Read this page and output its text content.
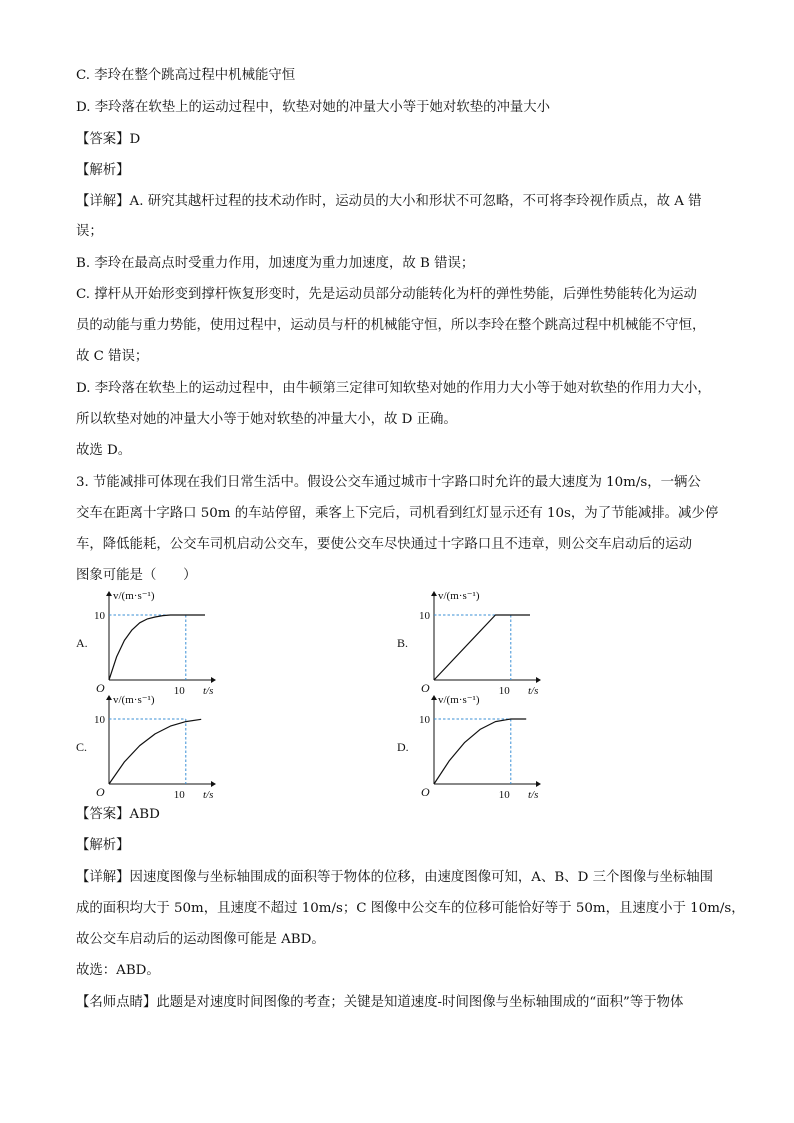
C. 李玲在整个跳高过程中机械能守恒
D. 李玲落在软垫上的运动过程中，软垫对她的冲量大小等于她对软垫的冲量大小
【答案】D
【解析】
【详解】A. 研究其越杆过程的技术动作时，运动员的大小和形状不可忽略，不可将李玲视作质点，故 A 错
误；
B. 李玲在最高点时受重力作用，加速度为重力加速度，故 B 错误；
C. 撑杆从开始形变到撑杆恢复形变时，先是运动员部分动能转化为杆的弹性势能，后弹性势能转化为运动
员的动能与重力势能，使用过程中，运动员与杆的机械能守恒，所以李玲在整个跳高过程中机械能不守恒，
故 C 错误；
D. 李玲落在软垫上的运动过程中，由牛顿第三定律可知软垫对她的作用力大小等于她对软垫的作用力大小，
所以软垫对她的冲量大小等于她对软垫的冲量大小，故 D 正确。
故选 D。
3. 节能减排可体现在我们日常生活中。假设公交车通过城市十字路口时允许的最大速度为 10m/s，一辆公
交车在距离十字路口 50m 的车站停留，乘客上下完后，司机看到红灯显示还有 10s，为了节能减排。减少停
车，降低能耗，公交车司机启动公交车，要使公交车尽快通过十字路口且不违章，则公交车启动后的运动
图象可能是（　　）
A.	B.
C.	D.
v/(m·s⁻¹)
t/s
O
10
10
v/(m·s⁻¹)
t/s
O
10
10
v/(m·s⁻¹)
t/s
O
10
10
v/(m·s⁻¹)
t/s
O
10
10
【答案】ABD
【解析】
【详解】因速度图像与坐标轴围成的面积等于物体的位移，由速度图像可知，A、B、D 三个图像与坐标轴围
成的面积均大于 50m，且速度不超过 10m/s；C 图像中公交车的位移可能恰好等于 50m，且速度小于 10m/s，
故公交车启动后的运动图像可能是 ABD。
故选：ABD。
【名师点睛】此题是对速度时间图像的考查；关键是知道速度-时间图像与坐标轴围成的“面积”等于物体
